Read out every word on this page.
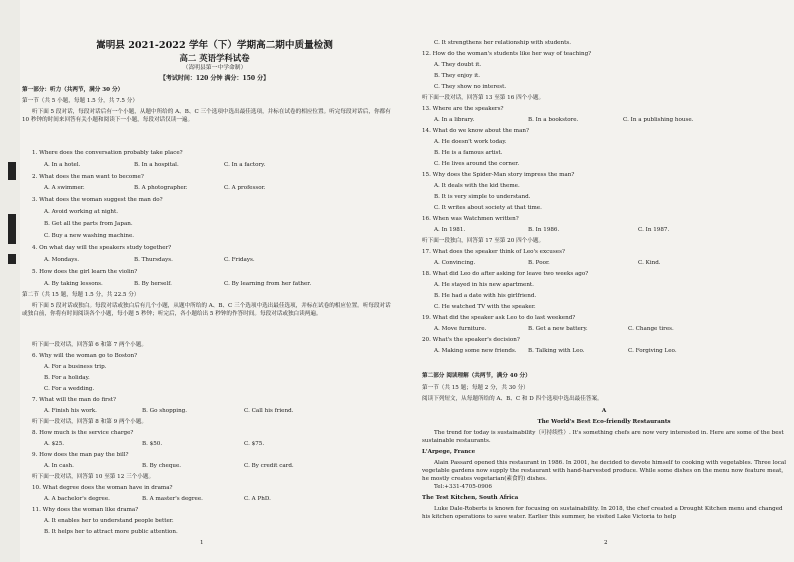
嵩明县 2021-2022 学年（下）学期高二期中质量检测
高二 英语学科试卷
（嵩明县第一中学命制）
【考试时间：120 分钟 满分：150 分】
第一部分：听力（共两节，满分 30 分）
第一节（共 5 小题，每题 1.5 分，共 7.5 分）
听下面 5 段对话，每段对话后有一个小题，从题中所给的 A、B、C 三个选项中选出最佳选项，并标在试卷的相应位置。听完每段对话后，你都有 10 秒钟的时间来回答有关小题和阅读下一小题，每段对话仅读一遍。
1. Where does the conversation probably take place?
A. In a hotel.	B. In a hospital.	C. In a factory.
2. What does the man want to become?
A. A swimmer.	B. A photographer.	C. A professor.
3. What does the woman suggest the man do?
A. Avoid working at night.
B. Get all the parts from Japan.
C. Buy a new washing machine.
4. On what day will the speakers study together?
A. Mondays.	B. Thursdays.	C. Fridays.
5. How does the girl learn the violin?
A. By taking lessons.	B. By herself.	C. By learning from her father.
第二节（共 15 题，每题 1.5 分，共 22.5 分）
听下面 5 段对话或独白。每段对话或独白后有几个小题，从题中所给的 A、B、C 三个选项中选出最佳选项，并标在试卷的相应位置。听每段对话或独白前，你将有时间阅读各个小题，每小题 5 秒钟；听完后，各小题给出 5 秒钟的作答时间。每段对话或独白读两遍。
听下面一段对话，回答第 6 和第 7 两个小题。
6. Why will the woman go to Boston?
A. For a business trip.
B. For a holiday.
C. For a wedding.
7. What will the man do first?
A. Finish his work.	B. Go shopping.	C. Call his friend.
听下面一段对话，回答第 8 和第 9 两个小题。
8. How much is the service charge?
A. $25.	B. $50.	C. $75.
9. How does the man pay the bill?
A. In cash.	B. By cheque.	C. By credit card.
听下面一段对话，回答第 10 至第 12 三个小题。
10. What degree does the woman have in drama?
A. A bachelor's degree.	B. A master's degree.	C. A PhD.
11. Why does the woman like drama?
A. It enables her to understand people better.
B. It helps her to attract more public attention.
1
C. It strengthens her relationship with students.
12. How do the woman's students like her way of teaching?
A. They doubt it.
B. They enjoy it.
C. They show no interest.
听下面一段对话，回答第 13 至第 16 四个小题。
13. Where are the speakers?
A. In a library.	B. In a bookstore.	C. In a publishing house.
14. What do we know about the man?
A. He doesn't work today.
B. He is a famous artist.
C. He lives around the corner.
15. Why does the Spider-Man story impress the man?
A. It deals with the kid theme.
B. It is very simple to understand.
C. It writes about society at that time.
16. When was Watchmen written?
A. In 1981.	B. In 1986.	C. In 1987.
听下面一段独白，回答第 17 至第 20 四个小题。
17. What does the speaker think of Leo's excuses?
A. Convincing.	B. Poor.	C. Kind.
18. What did Leo do after asking for leave two weeks ago?
A. He stayed in his new apartment.
B. He had a date with his girlfriend.
C. He watched TV with the speaker.
19. What did the speaker ask Leo to do last weekend?
A. Move furniture.	B. Get a new battery.	C. Change tires.
20. What's the speaker's decision?
A. Making some new friends. B. Talking with Leo.	C. Forgiving Leo.
第二部分 阅读理解（共两节，满分 40 分）
第一节（共 15 题；每题 2 分，共 30 分）
阅读下列短文，从每题所给的 A、B、C 和 D 四个选项中选出最佳答案。
A
The World's Best Eco-friendly Restaurants
The trend for today is sustainability（可持续性）. It's something chefs are now very interested in. Here are some of the best sustainable restaurants.
L'Arpege, France
Alain Passard opened this restaurant in 1986. In 2001, he decided to devote himself to cooking with vegetables. Three local vegetable gardens now supply the restaurant with hand-harvested produce. While some dishes on the menu now feature meat, he mostly creates vegetarian(素食的) dishes.
Tel:+331-4705-0906
The Test Kitchen, South Africa
Luke Dale-Roberts is known for focusing on sustainability. In 2018, the chef created a Drought Kitchen menu and changed his kitchen operations to save water. Earlier this summer, he visited Lake Victoria to help
2
